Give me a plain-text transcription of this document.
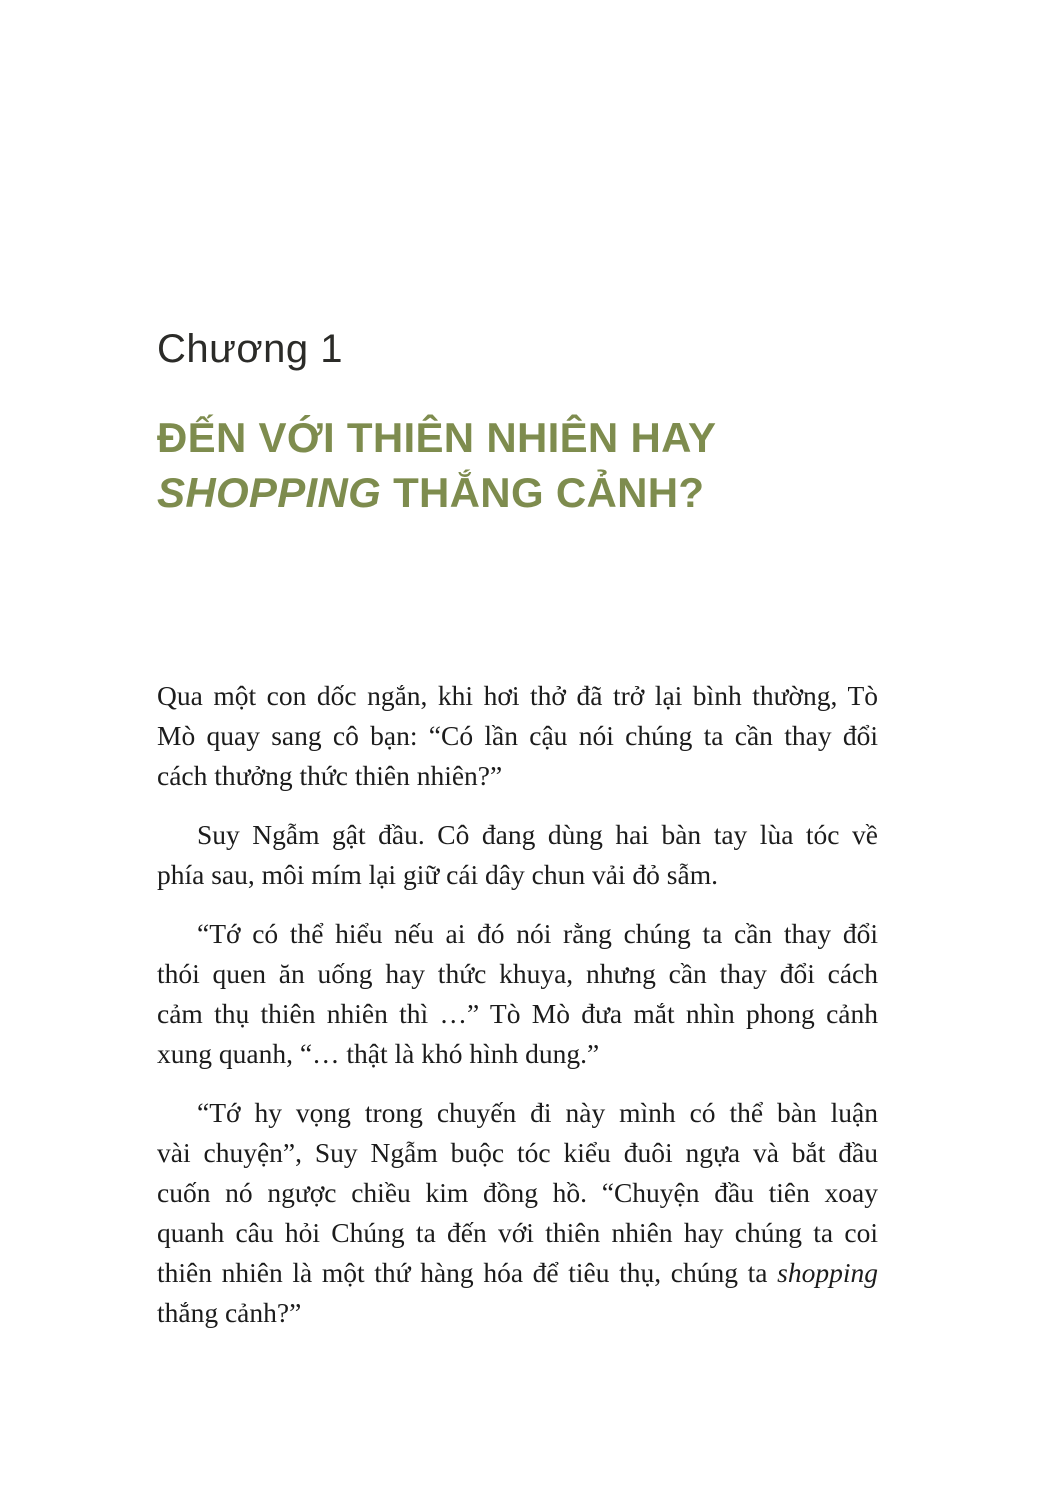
Chương 1
ĐẾN VỚI THIÊN NHIÊN HAY
SHOPPING THẮNG CẢNH?
Qua một con dốc ngắn, khi hơi thở đã trở lại bình thường, Tò
Mò quay sang cô bạn: “Có lần cậu nói chúng ta cần thay đổi
cách thưởng thức thiên nhiên?”
Suy Ngẫm gật đầu. Cô đang dùng hai bàn tay lùa tóc về
phía sau, môi mím lại giữ cái dây chun vải đỏ sẫm.
“Tớ có thể hiểu nếu ai đó nói rằng chúng ta cần thay đổi
thói quen ăn uống hay thức khuya, nhưng cần thay đổi cách
cảm thụ thiên nhiên thì …” Tò Mò đưa mắt nhìn phong cảnh
xung quanh, “… thật là khó hình dung.”
“Tớ hy vọng trong chuyến đi này mình có thể bàn luận
vài chuyện”, Suy Ngẫm buộc tóc kiểu đuôi ngựa và bắt đầu
cuốn nó ngược chiều kim đồng hồ. “Chuyện đầu tiên xoay
quanh câu hỏi Chúng ta đến với thiên nhiên hay chúng ta coi
thiên nhiên là một thứ hàng hóa để tiêu thụ, chúng ta shopping
thắng cảnh?”
